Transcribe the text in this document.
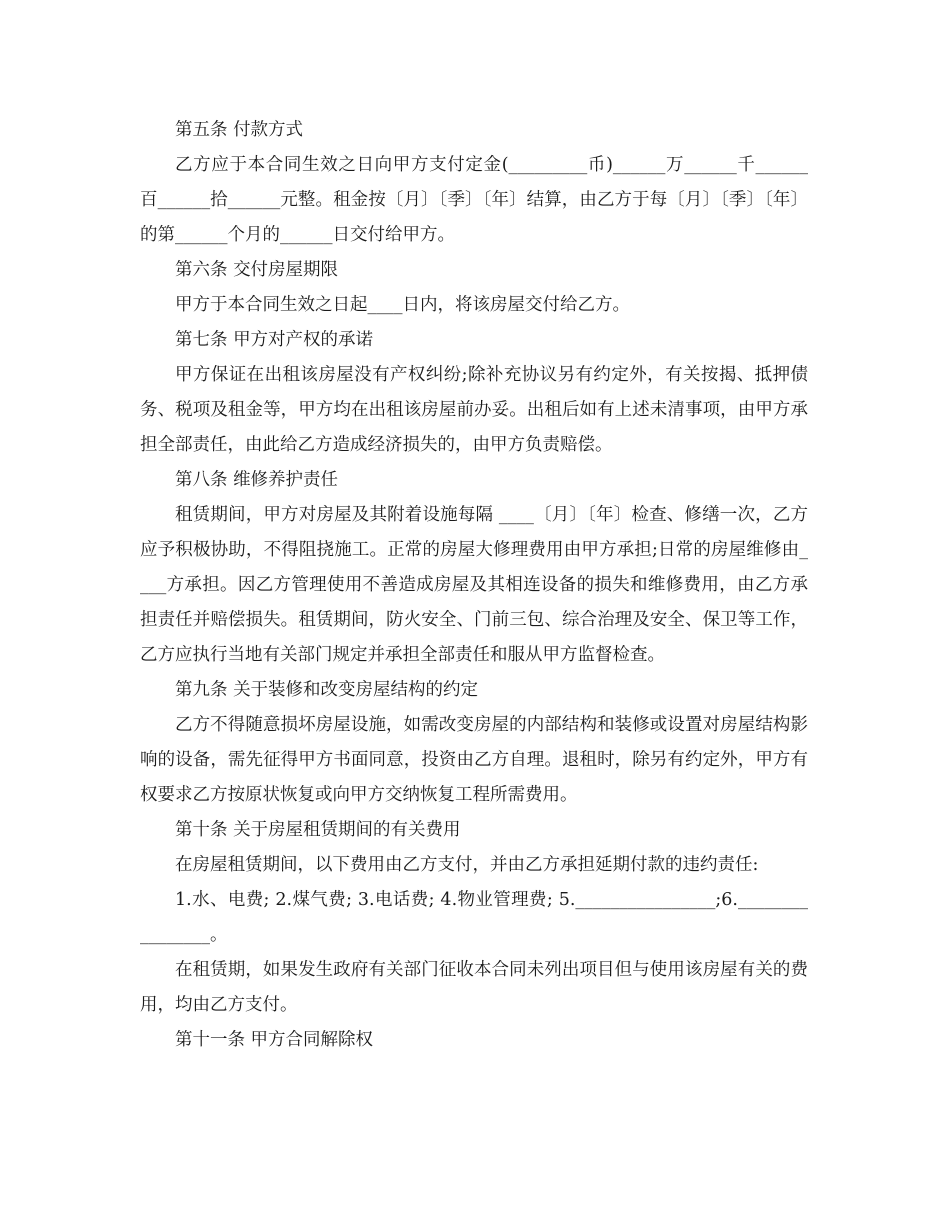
第五条 付款方式

乙方应于本合同生效之日向甲方支付定金(_________币)______万______千______百______拾______元整。租金按〔月〕〔季〕〔年〕结算，由乙方于每〔月〕〔季〕〔年〕的第______个月的______日交付给甲方。

第六条 交付房屋期限

甲方于本合同生效之日起____日内，将该房屋交付给乙方。

第七条 甲方对产权的承诺

甲方保证在出租该房屋没有产权纠纷;除补充协议另有约定外，有关按揭、抵押债务、税项及租金等，甲方均在出租该房屋前办妥。出租后如有上述未清事项，由甲方承担全部责任，由此给乙方造成经济损失的，由甲方负责赔偿。

第八条 维修养护责任

租赁期间，甲方对房屋及其附着设施每隔 ____〔月〕〔年〕检查、修缮一次，乙方应予积极协助，不得阻挠施工。正常的房屋大修理费用由甲方承担;日常的房屋维修由____方承担。因乙方管理使用不善造成房屋及其相连设备的损失和维修费用，由乙方承担责任并赔偿损失。租赁期间，防火安全、门前三包、综合治理及安全、保卫等工作，乙方应执行当地有关部门规定并承担全部责任和服从甲方监督检查。

第九条 关于装修和改变房屋结构的约定

乙方不得随意损坏房屋设施，如需改变房屋的内部结构和装修或设置对房屋结构影响的设备，需先征得甲方书面同意，投资由乙方自理。退租时，除另有约定外，甲方有权要求乙方按原状恢复或向甲方交纳恢复工程所需费用。

第十条 关于房屋租赁期间的有关费用

在房屋租赁期间，以下费用由乙方支付，并由乙方承担延期付款的违约责任:

1.水、电费; 2.煤气费; 3.电话费; 4.物业管理费; 5.________________;6.________________。

在租赁期，如果发生政府有关部门征收本合同未列出项目但与使用该房屋有关的费用，均由乙方支付。

第十一条 甲方合同解除权
